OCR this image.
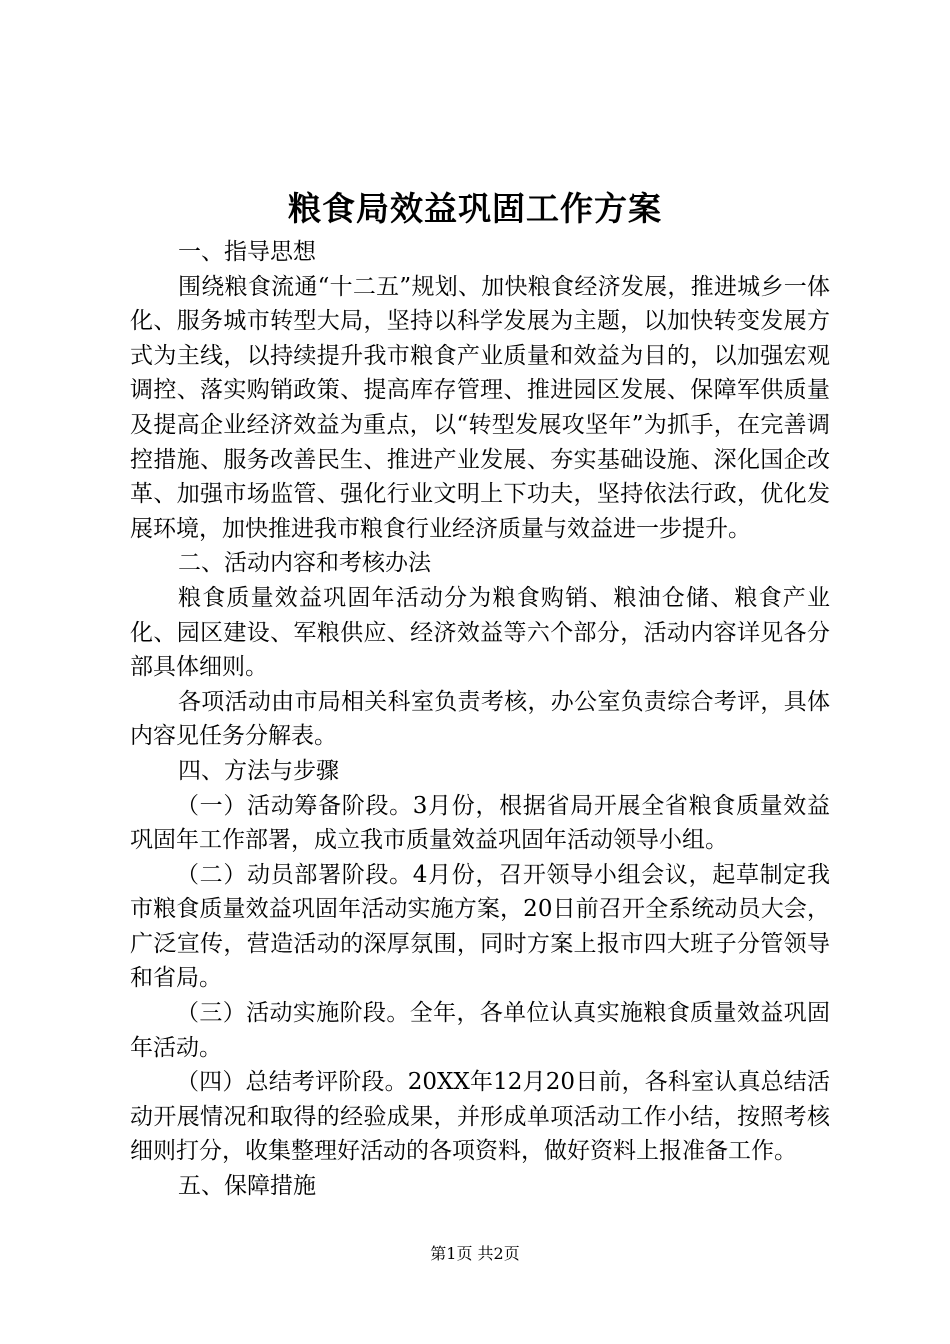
粮食局效益巩固工作方案

一、指导思想

围绕粮食流通“十二五”规划、加快粮食经济发展，推进城乡一体化、服务城市转型大局，坚持以科学发展为主题，以加快转变发展方式为主线，以持续提升我市粮食产业质量和效益为目的，以加强宏观调控、落实购销政策、提高库存管理、推进园区发展、保障军供质量及提高企业经济效益为重点，以“转型发展攻坚年”为抓手，在完善调控措施、服务改善民生、推进产业发展、夯实基础设施、深化国企改革、加强市场监管、强化行业文明上下功夫，坚持依法行政，优化发展环境，加快推进我市粮食行业经济质量与效益进一步提升。

二、活动内容和考核办法

粮食质量效益巩固年活动分为粮食购销、粮油仓储、粮食产业化、园区建设、军粮供应、经济效益等六个部分，活动内容详见各分部具体细则。

各项活动由市局相关科室负责考核，办公室负责综合考评，具体内容见任务分解表。

四、方法与步骤

（一）活动筹备阶段。3月份，根据省局开展全省粮食质量效益巩固年工作部署，成立我市质量效益巩固年活动领导小组。

（二）动员部署阶段。4月份，召开领导小组会议，起草制定我市粮食质量效益巩固年活动实施方案，20日前召开全系统动员大会，广泛宣传，营造活动的深厚氛围，同时方案上报市四大班子分管领导和省局。

（三）活动实施阶段。全年，各单位认真实施粮食质量效益巩固年活动。

（四）总结考评阶段。20XX年12月20日前，各科室认真总结活动开展情况和取得的经验成果，并形成单项活动工作小结，按照考核细则打分，收集整理好活动的各项资料，做好资料上报准备工作。

五、保障措施

第1页 共2页
